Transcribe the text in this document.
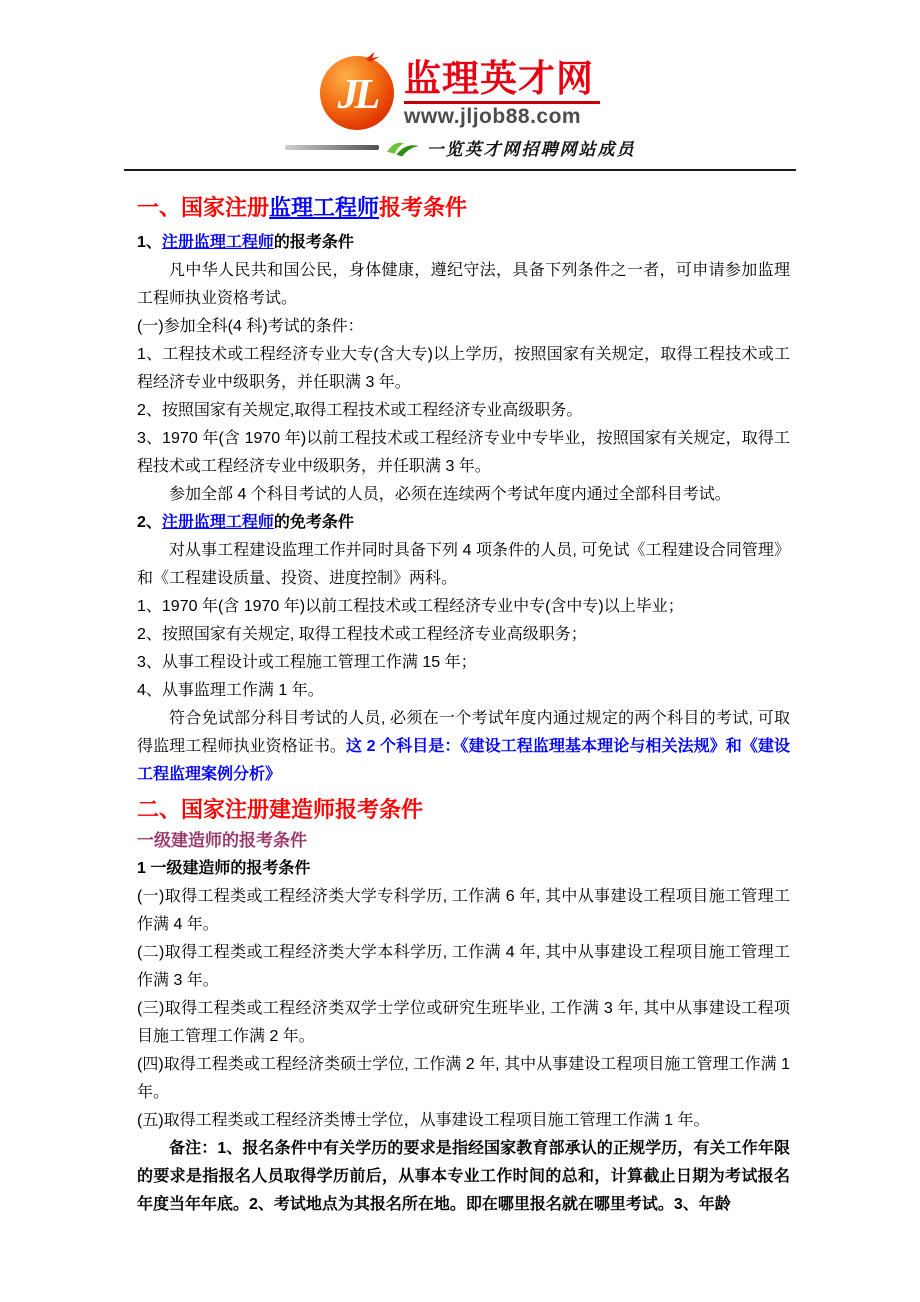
JL 监理英才网
www.jljob88.com
一览英才网招聘网站成员
一、国家注册监理工程师报考条件

1、注册监理工程师的报考条件

凡中华人民共和国公民，身体健康，遵纪守法，具备下列条件之一者，可申请参加监理工程师执业资格考试。

(一)参加全科(4 科)考试的条件：

1、工程技术或工程经济专业大专(含大专)以上学历，按照国家有关规定，取得工程技术或工程经济专业中级职务，并任职满 3 年。

2、按照国家有关规定,取得工程技术或工程经济专业高级职务。

3、1970 年(含 1970 年)以前工程技术或工程经济专业中专毕业，按照国家有关规定，取得工程技术或工程经济专业中级职务，并任职满 3 年。

参加全部 4 个科目考试的人员，必须在连续两个考试年度内通过全部科目考试。

2、注册监理工程师的免考条件

对从事工程建设监理工作并同时具备下列 4 项条件的人员, 可免试《工程建设合同管理》和《工程建设质量、投资、进度控制》两科。

1、1970 年(含 1970 年)以前工程技术或工程经济专业中专(含中专)以上毕业；

2、按照国家有关规定, 取得工程技术或工程经济专业高级职务；

3、从事工程设计或工程施工管理工作满 15 年；

4、从事监理工作满 1 年。

符合免试部分科目考试的人员, 必须在一个考试年度内通过规定的两个科目的考试, 可取得监理工程师执业资格证书。这 2 个科目是：《建设工程监理基本理论与相关法规》和《建设工程监理案例分析》

二、国家注册建造师报考条件

一级建造师的报考条件

1 一级建造师的报考条件

(一)取得工程类或工程经济类大学专科学历, 工作满 6 年, 其中从事建设工程项目施工管理工作满 4 年。

(二)取得工程类或工程经济类大学本科学历, 工作满 4 年, 其中从事建设工程项目施工管理工作满 3 年。

(三)取得工程类或工程经济类双学士学位或研究生班毕业, 工作满 3 年, 其中从事建设工程项目施工管理工作满 2 年。

(四)取得工程类或工程经济类硕士学位, 工作满 2 年, 其中从事建设工程项目施工管理工作满 1 年。

(五)取得工程类或工程经济类博士学位，从事建设工程项目施工管理工作满 1 年。

备注：1、报名条件中有关学历的要求是指经国家教育部承认的正规学历，有关工作年限的要求是指报名人员取得学历前后，从事本专业工作时间的总和，计算截止日期为考试报名年度当年年底。2、考试地点为其报名所在地。即在哪里报名就在哪里考试。3、年龄
